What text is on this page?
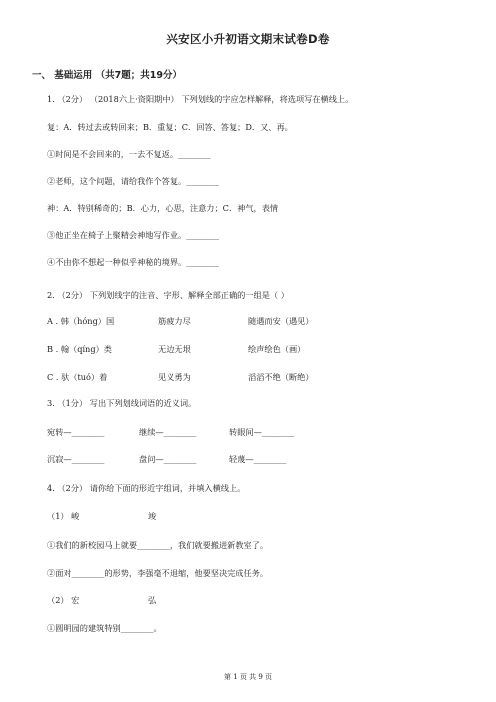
兴安区小升初语文期末试卷D卷
一、 基础运用 （共7题；共19分）
1. （2分） （2018六上·资阳期中） 下列划线的字应怎样解释，将选项写在横线上。
复：A．转过去或转回来；B．重复；C．回答、答复；D．又、再。
①时间是不会回来的，一去不复返。________
②老师，这个问题，请给我作个答复。________
神：A．特别稀奇的；B．心力，心思，注意力；C．神气，表情
③他正坐在椅子上聚精会神地写作业。________
④不由你不想起一种似乎神秘的境界。________
2. （2分） 下列划线字的注音、字形、解释全部正确的一组是（ ）
A . 韩（hóng）国	筋疲力尽	随遇而安（遇见）
B . 翰（qíng）类	无边无垠	绘声绘色（画）
C . 驮（tuó）着	见义勇为	滔滔不绝（断绝）
3. （1分） 写出下列划线词语的近义词。
宛转—________	继续—________	转眼间—________
沉寂—________	盘问—________	轻蔑—________
4. （2分） 请你给下面的形近字组词，并填入横线上。
（1） 峻	竣
①我们的新校园马上就要________，我们就要搬进新教室了。
②面对________的形势，李强毫不退缩，他要坚决完成任务。
（2） 宏	弘
①圆明园的建筑特别________。
第 1 页 共 9 页
